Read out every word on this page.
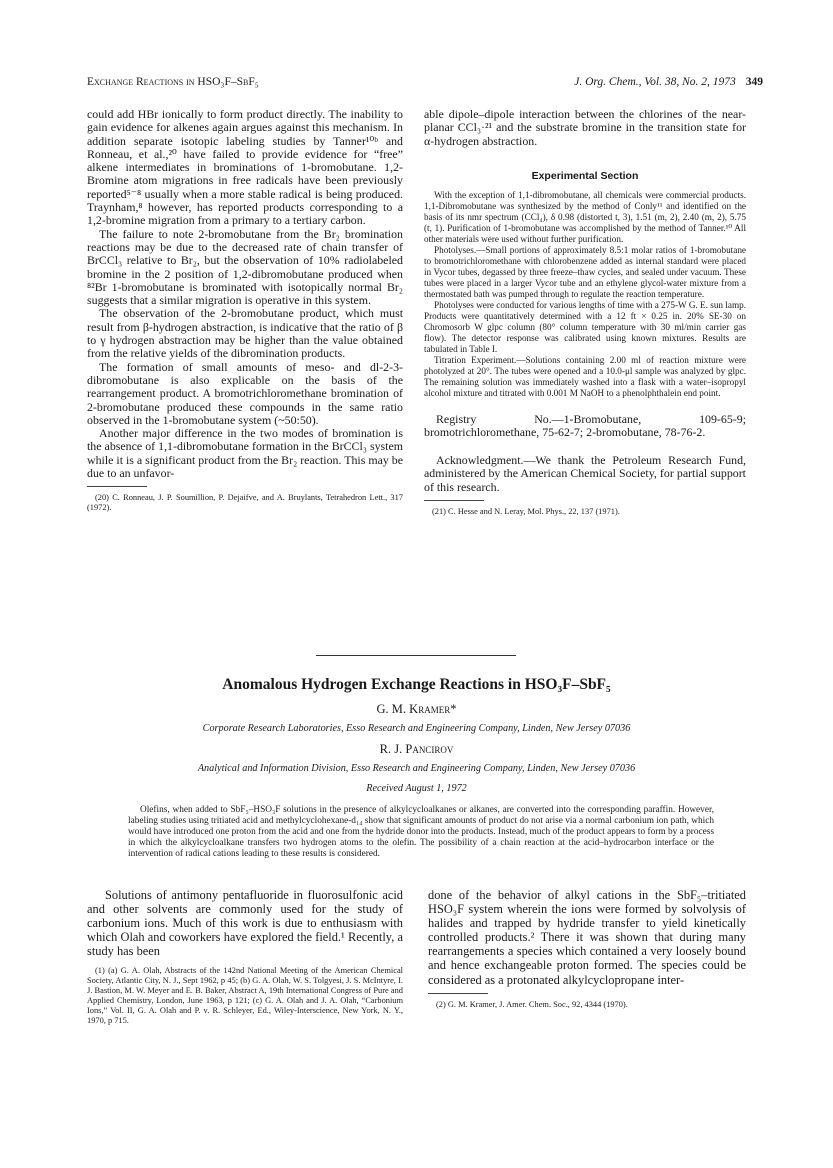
Exchange Reactions in HSO₃F–SbF₅	J. Org. Chem., Vol. 38, No. 2, 1973 349

could add HBr ionically to form product directly. The inability to gain evidence for alkenes again argues against this mechanism. In addition separate isotopic labeling studies by Tanner¹⁰ᵇ and Ronneau, et al.,²⁰ have failed to provide evidence for “free” alkene intermediates in brominations of 1-bromobutane. 1,2-Bromine atom migrations in free radicals have been previously reported⁵⁻⁸ usually when a more stable radical is being produced. Traynham,⁸ however, has reported products corresponding to a 1,2-bromine migration from a primary to a tertiary carbon.

The failure to note 2-bromobutane from the Br₂ bromination reactions may be due to the decreased rate of chain transfer of BrCCl₃ relative to Br₂, but the observation of 10% radiolabeled bromine in the 2 position of 1,2-dibromobutane produced when ⁸²Br 1-bromobutane is brominated with isotopically normal Br₂ suggests that a similar migration is operative in this system.

The observation of the 2-bromobutane product, which must result from β-hydrogen abstraction, is indicative that the ratio of β to γ hydrogen abstraction may be higher than the value obtained from the relative yields of the dibromination products.

The formation of small amounts of meso- and dl-2-3-dibromobutane is also explicable on the basis of the rearrangement product. A bromotrichloromethane bromination of 2-bromobutane produced these compounds in the same ratio observed in the 1-bromobutane system (~50:50).

Another major difference in the two modes of bromination is the absence of 1,1-dibromobutane formation in the BrCCl₃ system while it is a significant product from the Br₂ reaction. This may be due to an unfavor-

(20) C. Ronneau, J. P. Soumillion, P. Dejaifve, and A. Bruylants, Tetrahedron Lett., 317 (1972).

able dipole–dipole interaction between the chlorines of the near-planar CCl₃·²¹ and the substrate bromine in the transition state for α-hydrogen abstraction.

Experimental Section

With the exception of 1,1-dibromobutane, all chemicals were commercial products. 1,1-Dibromobutane was synthesized by the method of Conly¹¹ and identified on the basis of its nmr spectrum (CCl₄), δ 0.98 (distorted t, 3), 1.51 (m, 2), 2.40 (m, 2), 5.75 (t, 1). Purification of 1-bromobutane was accomplished by the method of Tanner.¹⁰ All other materials were used without further purification.

Photolyses.—Small portions of approximately 8.5:1 molar ratios of 1-bromobutane to bromotrichloromethane with chlorobenzene added as internal standard were placed in Vycor tubes, degassed by three freeze–thaw cycles, and sealed under vacuum. These tubes were placed in a larger Vycor tube and an ethylene glycol-water mixture from a thermostated bath was pumped through to regulate the reaction temperature.

Photolyses were conducted for various lengths of time with a 275-W G. E. sun lamp. Products were quantitatively determined with a 12 ft × 0.25 in. 20% SE-30 on Chromosorb W glpc column (80° column temperature with 30 ml/min carrier gas flow). The detector response was calibrated using known mixtures. Results are tabulated in Table I.

Titration Experiment.—Solutions containing 2.00 ml of reaction mixture were photolyzed at 20°. The tubes were opened and a 10.0-μl sample was analyzed by glpc. The remaining solution was immediately washed into a flask with a water–isopropyl alcohol mixture and titrated with 0.001 M NaOH to a phenolphthalein end point.

Registry No.—1-Bromobutane, 109-65-9; bromotrichloromethane, 75-62-7; 2-bromobutane, 78-76-2.

Acknowledgment.—We thank the Petroleum Research Fund, administered by the American Chemical Society, for partial support of this research.

(21) C. Hesse and N. Leray, Mol. Phys., 22, 137 (1971).

Anomalous Hydrogen Exchange Reactions in HSO₃F–SbF₅
G. M. Kramer*
Corporate Research Laboratories, Esso Research and Engineering Company, Linden, New Jersey 07036
R. J. Pancirov
Analytical and Information Division, Esso Research and Engineering Company, Linden, New Jersey 07036
Received August 1, 1972
Olefins, when added to SbF₅–HSO₃F solutions in the presence of alkylcycloalkanes or alkanes, are converted into the corresponding paraffin. However, labeling studies using tritiated acid and methylcyclohexane-d₁₄ show that significant amounts of product do not arise via a normal carbonium ion path, which would have introduced one proton from the acid and one from the hydride donor into the products. Instead, much of the product appears to form by a process in which the alkylcycloalkane transfers two hydrogen atoms to the olefin. The possibility of a chain reaction at the acid–hydrocarbon interface or the intervention of radical cations leading to these results is considered.

Solutions of antimony pentafluoride in fluorosulfonic acid and other solvents are commonly used for the study of carbonium ions. Much of this work is due to enthusiasm with which Olah and coworkers have explored the field.¹ Recently, a study has been

(1) (a) G. A. Olah, Abstracts of the 142nd National Meeting of the American Chemical Society, Atlantic City, N. J., Sept 1962, p 45; (b) G. A. Olah, W. S. Tolgyesi, J. S. McIntyre, I. J. Bastion, M. W. Meyer and E. B. Baker, Abstract A, 19th International Congress of Pure and Applied Chemistry, London, June 1963, p 121; (c) G. A. Olah and J. A. Olah, “Carbonium Ions,” Vol. II, G. A. Olah and P. v. R. Schleyer, Ed., Wiley-Interscience, New York, N. Y., 1970, p 715.

done of the behavior of alkyl cations in the SbF₅–tritiated HSO₃F system wherein the ions were formed by solvolysis of halides and trapped by hydride transfer to yield kinetically controlled products.² There it was shown that during many rearrangements a species which contained a very loosely bound and hence exchangeable proton formed. The species could be considered as a protonated alkylcyclopropane inter-

(2) G. M. Kramer, J. Amer. Chem. Soc., 92, 4344 (1970).
